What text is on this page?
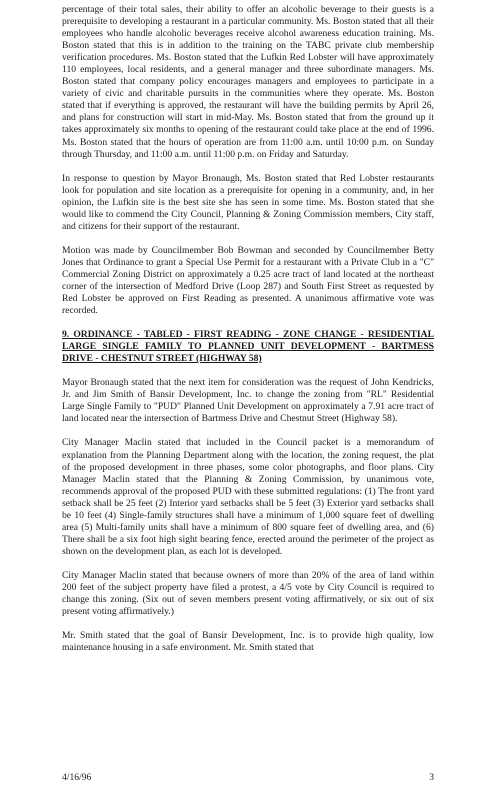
percentage of their total sales, their ability to offer an alcoholic beverage to their guests is a prerequisite to developing a restaurant in a particular community. Ms. Boston stated that all their employees who handle alcoholic beverages receive alcohol awareness education training. Ms. Boston stated that this is in addition to the training on the TABC private club membership verification procedures. Ms. Boston stated that the Lufkin Red Lobster will have approximately 110 employees, local residents, and a general manager and three subordinate managers. Ms. Boston stated that company policy encourages managers and employees to participate in a variety of civic and charitable pursuits in the communities where they operate. Ms. Boston stated that if everything is approved, the restaurant will have the building permits by April 26, and plans for construction will start in mid-May. Ms. Boston stated that from the ground up it takes approximately six months to opening of the restaurant could take place at the end of 1996. Ms. Boston stated that the hours of operation are from 11:00 a.m. until 10:00 p.m. on Sunday through Thursday, and 11:00 a.m. until 11:00 p.m. on Friday and Saturday.

In response to question by Mayor Bronaugh, Ms. Boston stated that Red Lobster restaurants look for population and site location as a prerequisite for opening in a community, and, in her opinion, the Lufkin site is the best site she has seen in some time. Ms. Boston stated that she would like to commend the City Council, Planning & Zoning Commission members, City staff, and citizens for their support of the restaurant.

Motion was made by Councilmember Bob Bowman and seconded by Councilmember Betty Jones that Ordinance to grant a Special Use Permit for a restaurant with a Private Club in a "C" Commercial Zoning District on approximately a 0.25 acre tract of land located at the northeast corner of the intersection of Medford Drive (Loop 287) and South First Street as requested by Red Lobster be approved on First Reading as presented. A unanimous affirmative vote was recorded.

9. ORDINANCE - TABLED - FIRST READING - ZONE CHANGE - RESIDENTIAL LARGE SINGLE FAMILY TO PLANNED UNIT DEVELOPMENT - BARTMESS DRIVE - CHESTNUT STREET (HIGHWAY 58)

Mayor Bronaugh stated that the next item for consideration was the request of John Kendricks, Jr. and Jim Smith of Bansir Development, Inc. to change the zoning from "RL" Residential Large Single Family to "PUD" Planned Unit Development on approximately a 7.91 acre tract of land located near the intersection of Bartmess Drive and Chestnut Street (Highway 58).

City Manager Maclin stated that included in the Council packet is a memorandum of explanation from the Planning Department along with the location, the zoning request, the plat of the proposed development in three phases, some color photographs, and floor plans. City Manager Maclin stated that the Planning & Zoning Commission, by unanimous vote, recommends approval of the proposed PUD with these submitted regulations: (1) The front yard setback shall be 25 feet (2) Interior yard setbacks shall be 5 feet (3) Exterior yard setbacks shall be 10 feet (4) Single-family structures shall have a minimum of 1,000 square feet of dwelling area (5) Multi-family units shall have a minimum of 800 square feet of dwelling area, and (6) There shall be a six foot high sight bearing fence, erected around the perimeter of the project as shown on the development plan, as each lot is developed.

City Manager Maclin stated that because owners of more than 20% of the area of land within 200 feet of the subject property have filed a protest, a 4/5 vote by City Council is required to change this zoning. (Six out of seven members present voting affirmatively, or six out of six present voting affirmatively.)

Mr. Smith stated that the goal of Bansir Development, Inc. is to provide high quality, low maintenance housing in a safe environment. Mr. Smith stated that

4/16/96	3
